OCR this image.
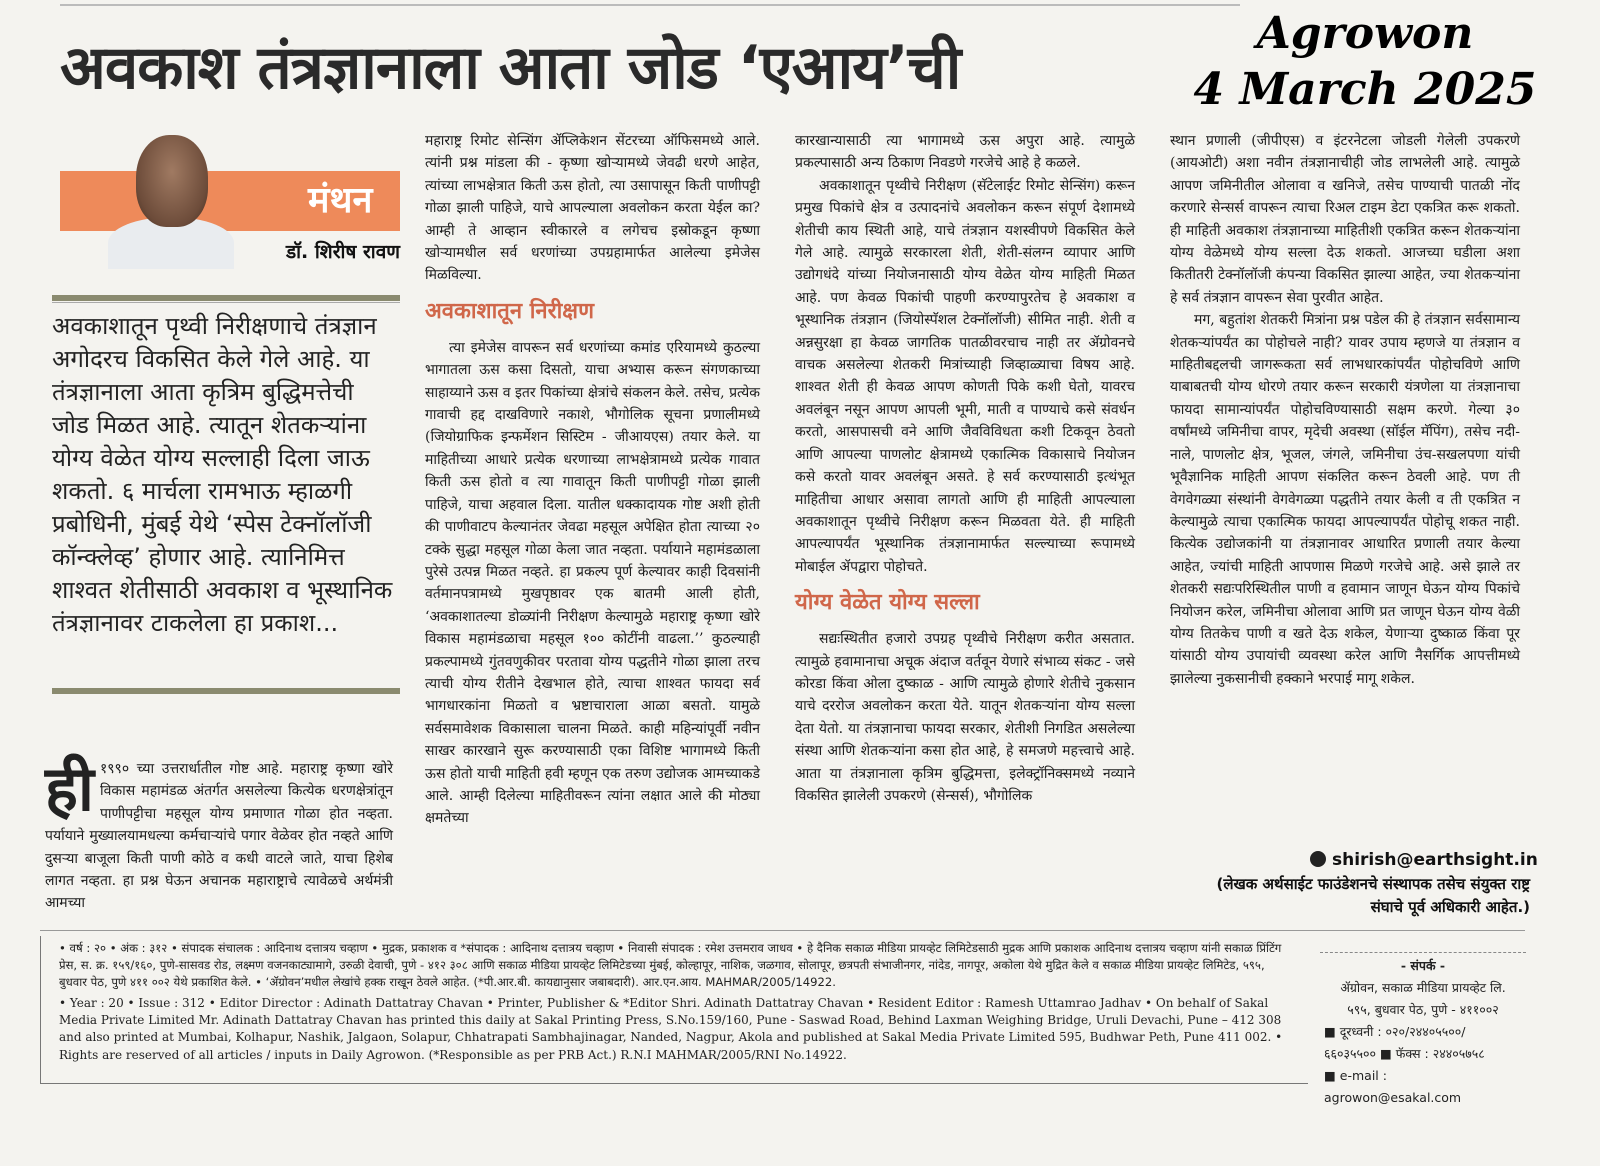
अवकाश तंत्रज्ञानाला आता जोड ‘एआय’ची	Agrowon
4 March 2025
मंथन
डॉ. शिरीष रावण
अवकाशातून पृथ्वी निरीक्षणाचे तंत्रज्ञान अगोदरच विकसित केले गेले आहे. या तंत्रज्ञानाला आता कृत्रिम बुद्धिमत्तेची जोड मिळत आहे. त्यातून शेतकऱ्यांना योग्य वेळेत योग्य सल्लाही दिला जाऊ शकतो. ६ मार्चला रामभाऊ म्हाळगी प्रबोधिनी, मुंबई येथे ‘स्पेस टेक्नॉलॉजी कॉन्क्लेव्ह’ होणार आहे. त्यानिमित्त शाश्वत शेतीसाठी अवकाश व भूस्थानिक तंत्रज्ञानावर टाकलेला हा प्रकाश...
ही १९९० च्या उत्तरार्धातील गोष्ट आहे. महाराष्ट्र कृष्णा खोरे विकास महामंडळ अंतर्गत असलेल्या कित्येक धरणक्षेत्रांतून पाणीपट्टीचा महसूल योग्य प्रमाणात गोळा होत नव्हता. पर्यायाने मुख्यालयामधल्या कर्मचाऱ्यांचे पगार वेळेवर होत नव्हते आणि दुसऱ्या बाजूला किती पाणी कोठे व कधी वाटले जाते, याचा हिशेब लागत नव्हता. हा प्रश्न घेऊन अचानक महाराष्ट्राचे त्यावेळचे अर्थमंत्री आमच्या

महाराष्ट्र रिमोट सेन्सिंग ॲप्लिकेशन सेंटरच्या ऑफिसमध्ये आले. त्यांनी प्रश्न मांडला की - कृष्णा खोऱ्यामध्ये जेवढी धरणे आहेत, त्यांच्या लाभक्षेत्रात किती ऊस होतो, त्या उसापासून किती पाणीपट्टी गोळा झाली पाहिजे, याचे आपल्याला अवलोकन करता येईल का? आम्ही ते आव्हान स्वीकारले व लगेचच इस्रोकडून कृष्णा खोऱ्यामधील सर्व धरणांच्या उपग्रहामार्फत आलेल्या इमेजेस मिळविल्या.

अवकाशातून निरीक्षण

त्या इमेजेस वापरून सर्व धरणांच्या कमांड एरियामध्ये कुठल्या भागातला ऊस कसा दिसतो, याचा अभ्यास करून संगणकाच्या साहाय्याने ऊस व इतर पिकांच्या क्षेत्रांचे संकलन केले. तसेच, प्रत्येक गावाची हद्द दाखविणारे नकाशे, भौगोलिक सूचना प्रणालीमध्ये (जियोग्राफिक इन्फर्मेशन सिस्टिम - जीआयएस) तयार केले. या माहितीच्या आधारे प्रत्येक धरणाच्या लाभक्षेत्रामध्ये प्रत्येक गावात किती ऊस होतो व त्या गावातून किती पाणीपट्टी गोळा झाली पाहिजे, याचा अहवाल दिला. यातील धक्कादायक गोष्ट अशी होती की पाणीवाटप केल्यानंतर जेवढा महसूल अपेक्षित होता त्याच्या २० टक्के सुद्धा महसूल गोळा केला जात नव्हता. पर्यायाने महामंडळाला पुरेसे उत्पन्न मिळत नव्हते. हा प्रकल्प पूर्ण केल्यावर काही दिवसांनी वर्तमानपत्रामध्ये मुखपृष्ठावर एक बातमी आली होती, ‘अवकाशातल्या डोळ्यांनी निरीक्षण केल्यामुळे महाराष्ट्र कृष्णा खोरे विकास महामंडळाचा महसूल १०० कोटींनी वाढला.’’ कुठल्याही प्रकल्पामध्ये गुंतवणुकीवर परतावा योग्य पद्धतीने गोळा झाला तरच त्याची योग्य रीतीने देखभाल होते, त्याचा शाश्वत फायदा सर्व भागधारकांना मिळतो व भ्रष्टाचाराला आळा बसतो. यामुळे सर्वसमावेशक विकासाला चालना मिळते. काही महिन्यांपूर्वी नवीन साखर कारखाने सुरू करण्यासाठी एका विशिष्ट भागामध्ये किती ऊस होतो याची माहिती हवी म्हणून एक तरुण उद्योजक आमच्याकडे आले. आम्ही दिलेल्या माहितीवरून त्यांना लक्षात आले की मोठ्या क्षमतेच्या

कारखान्यासाठी त्या भागामध्ये ऊस अपुरा आहे. त्यामुळे प्रकल्पासाठी अन्य ठिकाण निवडणे गरजेचे आहे हे कळले.

अवकाशातून पृथ्वीचे निरीक्षण (सॅटेलाईट रिमोट सेन्सिंग) करून प्रमुख पिकांचे क्षेत्र व उत्पादनांचे अवलोकन करून संपूर्ण देशामध्ये शेतीची काय स्थिती आहे, याचे तंत्रज्ञान यशस्वीपणे विकसित केले गेले आहे. त्यामुळे सरकारला शेती, शेती-संलग्न व्यापार आणि उद्योगधंदे यांच्या नियोजनासाठी योग्य वेळेत योग्य माहिती मिळत आहे. पण केवळ पिकांची पाहणी करण्यापुरतेच हे अवकाश व भूस्थानिक तंत्रज्ञान (जियोस्पॅशल टेक्नॉलॉजी) सीमित नाही. शेती व अन्नसुरक्षा हा केवळ जागतिक पातळीवरचाच नाही तर ॲग्रोवनचे वाचक असलेल्या शेतकरी मित्रांच्याही जिव्हाळ्याचा विषय आहे. शाश्वत शेती ही केवळ आपण कोणती पिके कशी घेतो, यावरच अवलंबून नसून आपण आपली भूमी, माती व पाण्याचे कसे संवर्धन करतो, आसपासची वने आणि जैवविविधता कशी टिकवून ठेवतो आणि आपल्या पाणलोट क्षेत्रामध्ये एकात्मिक विकासाचे नियोजन कसे करतो यावर अवलंबून असते. हे सर्व करण्यासाठी इत्थंभूत माहितीचा आधार असावा लागतो आणि ही माहिती आपल्याला अवकाशातून पृथ्वीचे निरीक्षण करून मिळवता येते. ही माहिती आपल्यापर्यंत भूस्थानिक तंत्रज्ञानामार्फत सल्ल्याच्या रूपामध्ये मोबाईल ॲपद्वारा पोहोचते.

योग्य वेळेत योग्य सल्ला

सद्यःस्थितीत हजारो उपग्रह पृथ्वीचे निरीक्षण करीत असतात. त्यामुळे हवामानाचा अचूक अंदाज वर्तवून येणारे संभाव्य संकट - जसे कोरडा किंवा ओला दुष्काळ - आणि त्यामुळे होणारे शेतीचे नुकसान याचे दररोज अवलोकन करता येते. यातून शेतकऱ्यांना योग्य सल्ला देता येतो. या तंत्रज्ञानाचा फायदा सरकार, शेतीशी निगडित असलेल्या संस्था आणि शेतकऱ्यांना कसा होत आहे, हे समजणे महत्त्वाचे आहे. आता या तंत्रज्ञानाला कृत्रिम बुद्धिमत्ता, इलेक्ट्रॉनिक्समध्ये नव्याने विकसित झालेली उपकरणे (सेन्सर्स), भौगोलिक

स्थान प्रणाली (जीपीएस) व इंटरनेटला जोडली गेलेली उपकरणे (आयओटी) अशा नवीन तंत्रज्ञानाचीही जोड लाभलेली आहे. त्यामुळे आपण जमिनीतील ओलावा व खनिजे, तसेच पाण्याची पातळी नोंद करणारे सेन्सर्स वापरून त्याचा रिअल टाइम डेटा एकत्रित करू शकतो. ही माहिती अवकाश तंत्रज्ञानाच्या माहितीशी एकत्रित करून शेतकऱ्यांना योग्य वेळेमध्ये योग्य सल्ला देऊ शकतो. आजच्या घडीला अशा कितीतरी टेक्नॉलॉजी कंपन्या विकसित झाल्या आहेत, ज्या शेतकऱ्यांना हे सर्व तंत्रज्ञान वापरून सेवा पुरवीत आहेत.

मग, बहुतांश शेतकरी मित्रांना प्रश्न पडेल की हे तंत्रज्ञान सर्वसामान्य शेतकऱ्यांपर्यंत का पोहोचले नाही? यावर उपाय म्हणजे या तंत्रज्ञान व माहितीबद्दलची जागरूकता सर्व लाभधारकांपर्यंत पोहोचविणे आणि याबाबतची योग्य धोरणे तयार करून सरकारी यंत्रणेला या तंत्रज्ञानाचा फायदा सामान्यांपर्यंत पोहोचविण्यासाठी सक्षम करणे. गेल्या ३० वर्षांमध्ये जमिनीचा वापर, मृदेची अवस्था (सॉईल मॅपिंग), तसेच नदी-नाले, पाणलोट क्षेत्र, भूजल, जंगले, जमिनीचा उंच-सखलपणा यांची भूवैज्ञानिक माहिती आपण संकलित करून ठेवली आहे. पण ती वेगवेगळ्या संस्थांनी वेगवेगळ्या पद्धतीने तयार केली व ती एकत्रित न केल्यामुळे त्याचा एकात्मिक फायदा आपल्यापर्यंत पोहोचू शकत नाही. कित्येक उद्योजकांनी या तंत्रज्ञानावर आधारित प्रणाली तयार केल्या आहेत, ज्यांची माहिती आपणास मिळणे गरजेचे आहे. असे झाले तर शेतकरी सद्यःपरिस्थितील पाणी व हवामान जाणून घेऊन योग्य पिकांचे नियोजन करेल, जमिनीचा ओलावा आणि प्रत जाणून घेऊन योग्य वेळी योग्य तितकेच पाणी व खते देऊ शकेल, येणाऱ्या दुष्काळ किंवा पूर यांसाठी योग्य उपायांची व्यवस्था करेल आणि नैसर्गिक आपत्तीमध्ये झालेल्या नुकसानीची हक्काने भरपाई मागू शकेल.

shirish@earthsight.in
(लेखक अर्थसाईट फाउंडेशनचे संस्थापक तसेच संयुक्त राष्ट्र संघाचे पूर्व अधिकारी आहेत.)
• वर्ष : २० • अंक : ३१२ • संपादक संचालक : आदिनाथ दत्तात्रय चव्हाण • मुद्रक, प्रकाशक व *संपादक : आदिनाथ दत्तात्रय चव्हाण • निवासी संपादक : रमेश उत्तमराव जाधव • हे दैनिक सकाळ मीडिया प्रायव्हेट लिमिटेडसाठी मुद्रक आणि प्रकाशक आदिनाथ दत्तात्रय चव्हाण यांनी सकाळ प्रिंटिंग प्रेस, स. क्र. १५९/१६०, पुणे-सासवड रोड, लक्ष्मण वजनकाट्यामागे, उरुळी देवाची, पुणे - ४१२ ३०८ आणि सकाळ मीडिया प्रायव्हेट लिमिटेडच्या मुंबई, कोल्हापूर, नाशिक, जळगाव, सोलापूर, छत्रपती संभाजीनगर, नांदेड, नागपूर, अकोला येथे मुद्रित केले व सकाळ मीडिया प्रायव्हेट लिमिटेड, ५९५, बुधवार पेठ, पुणे ४११ ००२ येथे प्रकाशित केले. • ‘ॲग्रोवन’मधील लेखांचे हक्क राखून ठेवले आहेत. (*पी.आर.बी. कायद्यानुसार जबाबदारी). आर.एन.आय. MAHMAR/2005/14922.
• Year : 20 • Issue : 312 • Editor Director : Adinath Dattatray Chavan • Printer, Publisher & *Editor Shri. Adinath Dattatray Chavan • Resident Editor : Ramesh Uttamrao Jadhav • On behalf of Sakal Media Private Limited Mr. Adinath Dattatray Chavan has printed this daily at Sakal Printing Press, S.No.159/160, Pune - Saswad Road, Behind Laxman Weighing Bridge, Uruli Devachi, Pune – 412 308 and also printed at Mumbai, Kolhapur, Nashik, Jalgaon, Solapur, Chhatrapati Sambhajinagar, Nanded, Nagpur, Akola and published at Sakal Media Private Limited 595, Budhwar Peth, Pune 411 002. • Rights are reserved of all articles / inputs in Daily Agrowon. (*Responsible as per PRB Act.) R.N.I MAHMAR/2005/RNI No.14922.
- संपर्क -
ॲग्रोवन, सकाळ मीडिया प्रायव्हेट लि.
५९५, बुधवार पेठ, पुणे - ४११००२
■ दूरध्वनी : ०२०/२४४०५५००/
६६०३५५०० ■ फॅक्स : २४४०५७५८
■ e-mail : agrowon@esakal.com
